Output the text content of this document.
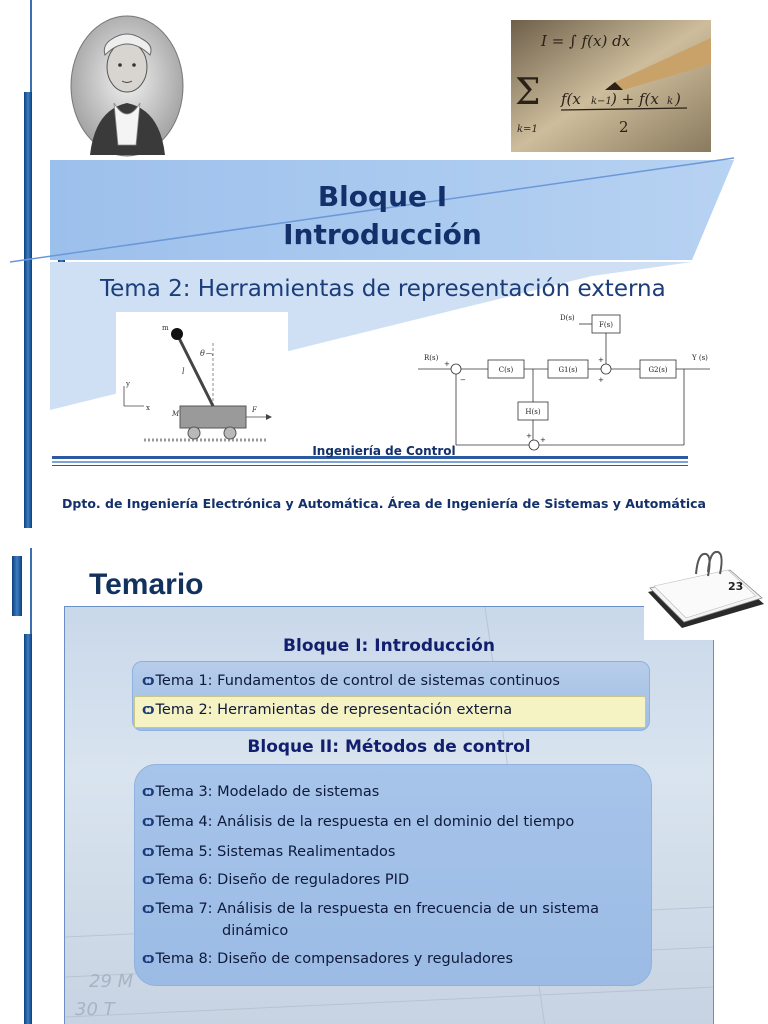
I = ∫ f(x) dx
Σ f(x k−1 ) + f(x k )
2
k=1
Bloque I
Introducción
Tema 2: Herramientas de representación externa
m
θ
l
M	F
y
x
D(s)
R(s)	Y (s)
F(s)
C(s)	G1(s)	G2(s)
H(s)
+
−
+
+
+ +
Ingeniería de Control
Dpto. de Ingeniería Electrónica y Automática. Área de Ingeniería de Sistemas y Automática
29 M
30 T
Temario	23
Bloque I: Introducción
ѻTema 1: Fundamentos de control de sistemas continuos
ѻTema 2: Herramientas de representación externa
Bloque II: Métodos de control
ѻTema 3: Modelado de sistemas
ѻTema 4: Análisis de la respuesta en el dominio del tiempo
ѻTema 5: Sistemas Realimentados
ѻTema 6: Diseño de reguladores PID
ѻTema 7: Análisis de la respuesta en frecuencia de un sistema
dinámico
ѻTema 8: Diseño de compensadores y reguladores
